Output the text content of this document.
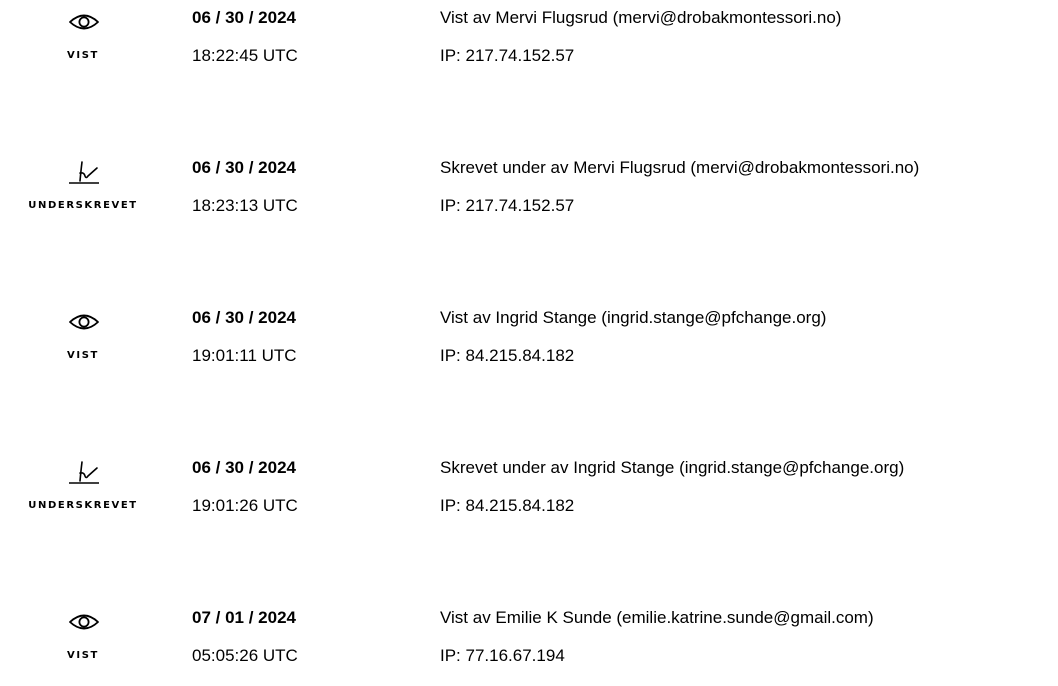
VIST
06 / 30 / 2024
18:22:45 UTC
Vist av Mervi Flugsrud (mervi@drobakmontessori.no)
IP: 217.74.152.57
UNDERSKREVET
06 / 30 / 2024
18:23:13 UTC
Skrevet under av Mervi Flugsrud (mervi@drobakmontessori.no)
IP: 217.74.152.57
VIST
06 / 30 / 2024
19:01:11 UTC
Vist av Ingrid Stange (ingrid.stange@pfchange.org)
IP: 84.215.84.182
UNDERSKREVET
06 / 30 / 2024
19:01:26 UTC
Skrevet under av Ingrid Stange (ingrid.stange@pfchange.org)
IP: 84.215.84.182
VIST
07 / 01 / 2024
05:05:26 UTC
Vist av Emilie K Sunde (emilie.katrine.sunde@gmail.com)
IP: 77.16.67.194
